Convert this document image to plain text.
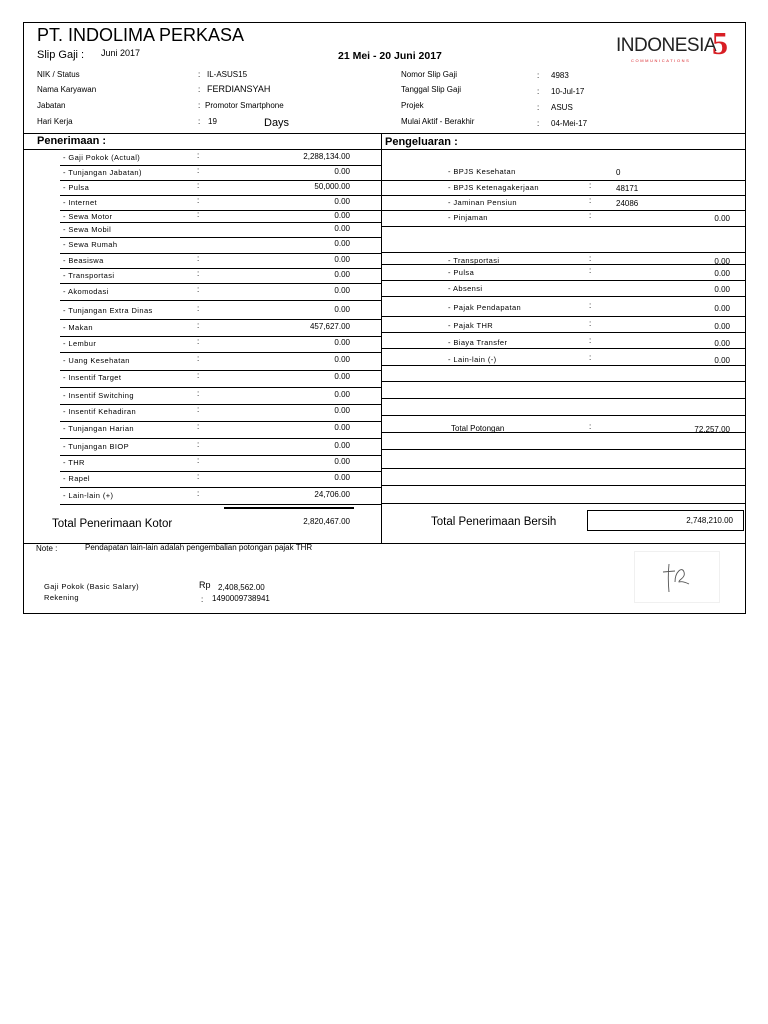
PT. INDOLIMA PERKASA
Slip Gaji : Juni 2017	21 Mei - 20 Juni 2017	INDONESIA
5
COMMUNICATIONS
NIK / Status	: IL-ASUS15
Nama Karyawan	: FERDIANSYAH
Jabatan	: Promotor Smartphone
Hari Kerja	: 19	Days
Nomor Slip Gaji	: 4983
Tanggal Slip Gaji	: 10-Jul-17
Projek	: ASUS
Mulai Aktif - Berakhir	: 04-Mei-17
Penerimaan :	Pengeluaran :
- Gaji Pokok (Actual)	:	2,288,134.00
- Tunjangan Jabatan)	:	0.00
- Pulsa	:	50,000.00
- Internet	:	0.00
- Sewa Motor	:	0.00
- Sewa Mobil	0.00
- Sewa Rumah	0.00
- Beasiswa	:	0.00
- Transportasi	:	0.00
- Akomodasi	:	0.00
- Tunjangan Extra Dinas	:	0.00
- Makan	:	457,627.00
- Lembur	:	0.00
- Uang Kesehatan	:	0.00
- Insentif Target	:	0.00
- Insentif Switching	:	0.00
- Insentif Kehadiran	:	0.00
- Tunjangan Harian	:	0.00
- Tunjangan BIOP	:	0.00
- THR	:	0.00
- Rapel	:	0.00
- Lain-lain (+)	:	24,706.00
- BPJS Kesehatan	0
- BPJS Ketenagakerjaan	:	48171
- Jaminan Pensiun	:	24086
- Pinjaman	:	0.00
- Transportasi	:	0.00
- Pulsa	:	0.00
- Absensi	0.00
- Pajak Pendapatan	:	0.00
- Pajak THR	:	0.00
- Biaya Transfer	:	0.00
- Lain-lain (-)	:	0.00
Total Potongan	:	72,257.00
Total Penerimaan Kotor	2,820,467.00	Total Penerimaan Bersih	2,748,210.00
Note :	Pendapatan lain-lain adalah pengembalian potongan pajak THR
Gaji Pokok (Basic Salary)	Rp 2,408,562.00
Rekening	: 1490009738941
